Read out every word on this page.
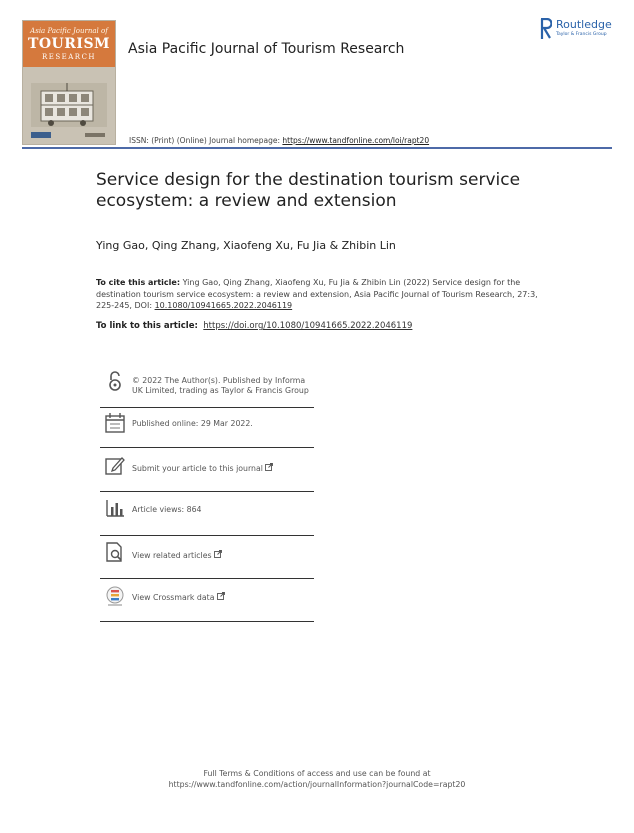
Asia Pacific Journal of
TOURISM
RESEARCH	Asia Pacific Journal of Tourism Research
Routledge
Taylor & Francis Group
ISSN: (Print) (Online) Journal homepage: https://www.tandfonline.com/loi/rapt20
Service design for the destination tourism service ecosystem: a review and extension
Ying Gao, Qing Zhang, Xiaofeng Xu, Fu Jia & Zhibin Lin
To cite this article: Ying Gao, Qing Zhang, Xiaofeng Xu, Fu Jia & Zhibin Lin (2022) Service design for the destination tourism service ecosystem: a review and extension, Asia Pacific Journal of Tourism Research, 27:3, 225-245, DOI: 10.1080/10941665.2022.2046119
To link to this article: https://doi.org/10.1080/10941665.2022.2046119
© 2022 The Author(s). Published by Informa UK Limited, trading as Taylor & Francis Group
Published online: 29 Mar 2022.
Submit your article to this journal
Article views: 864
View related articles
View Crossmark data
Full Terms & Conditions of access and use can be found at
https://www.tandfonline.com/action/journalInformation?journalCode=rapt20
